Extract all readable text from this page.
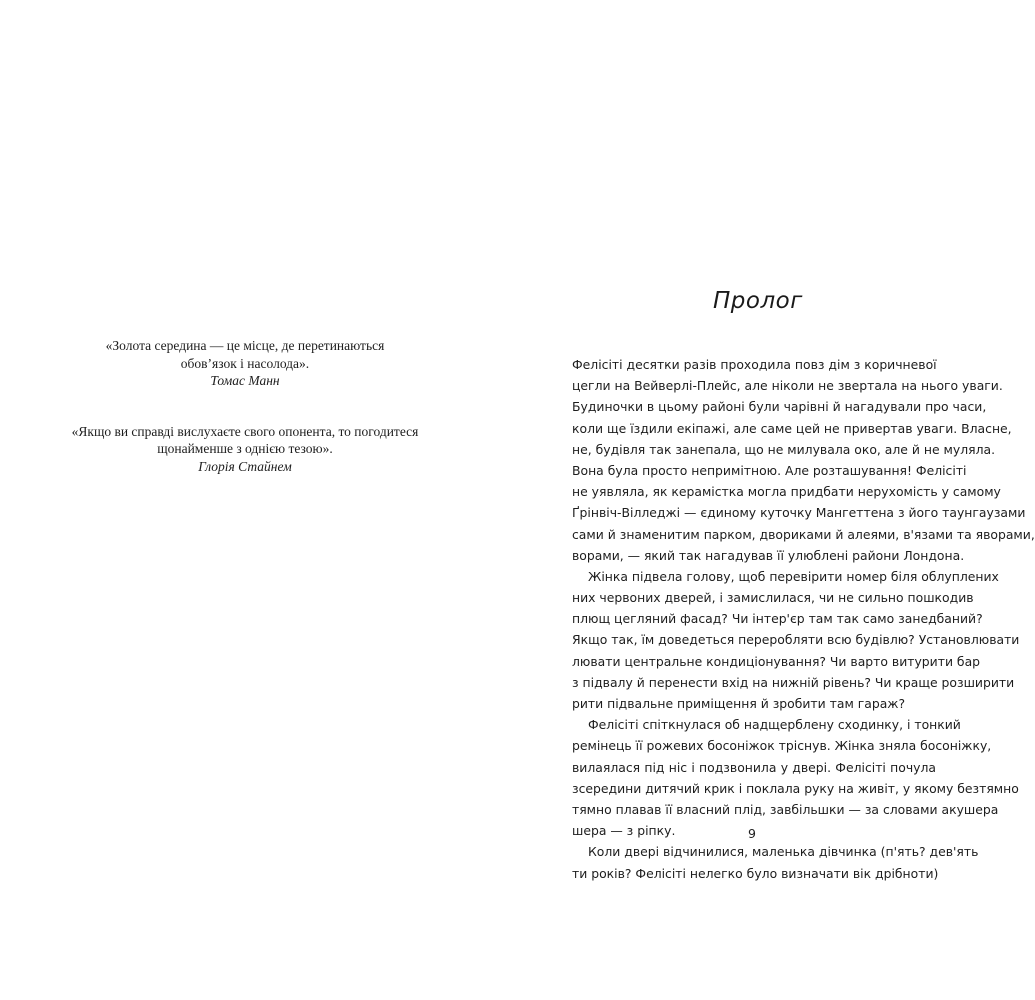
«Золота середина — це місце, де перетинаються
обов’язок і насолода».
Томас Манн
«Якщо ви справді вислухаєте свого опонента, то погодитеся
щонайменше з однією тезою».
Глорія Стайнем
Пролог
Фелісіті десятки разів проходила повз дім з коричневої
цегли на Вейверлі-Плейс, але ніколи не звертала на нього уваги.
Будиночки в цьому районі були чарівні й нагадували про часи,
коли ще їздили екіпажі, але саме цей не привертав уваги. Власне,
не, будівля так занепала, що не милувала око, але й не муляла.
Вона була просто непримітною. Але розташування! Фелісіті
не уявляла, як керамістка могла придбати нерухомість у самому
Ґрінвіч-Вілледжі — єдиному куточку Мангеттена з його таунгаузами
сами й знаменитим парком, двориками й алеями, в'язами та яворами,
ворами, — який так нагадував її улюблені райони Лондона.
Жінка підвела голову, щоб перевірити номер біля облуплених
них червоних дверей, і замислилася, чи не сильно пошкодив
плющ цегляний фасад? Чи інтер'єр там так само занедбаний?
Якщо так, їм доведеться переробляти всю будівлю? Установлювати
лювати центральне кондиціонування? Чи варто витурити бар
з підвалу й перенести вхід на нижній рівень? Чи краще розширити
рити підвальне приміщення й зробити там гараж?
Фелісіті спіткнулася об надщерблену сходинку, і тонкий
ремінець її рожевих босоніжок тріснув. Жінка зняла босоніжку,
вилаялася під ніс і подзвонила у двері. Фелісіті почула
зсередини дитячий крик і поклала руку на живіт, у якому безтямно
тямно плавав її власний плід, завбільшки — за словами акушера
шера — з ріпку.
Коли двері відчинилися, маленька дівчинка (п'ять? дев'ять
ти років? Фелісіті нелегко було визначати вік дрібноти)
9
